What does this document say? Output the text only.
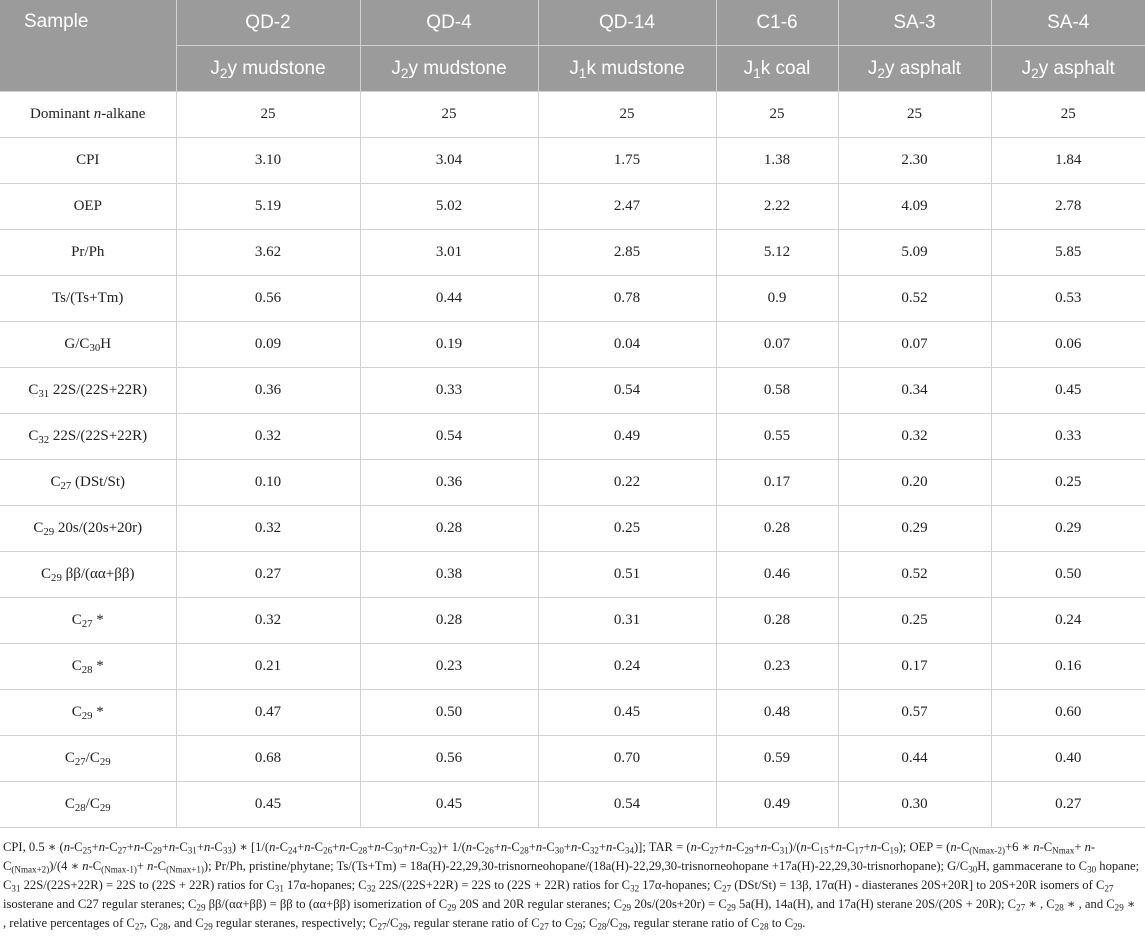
Sample	QD-2	QD-4	QD-14	C1-6	SA-3	SA-4
	$J_2y$ mudstone	$J_2y$ mudstone	$J_1k$ mudstone	$J_1k$ coal	$J_2y$ asphalt	$J_2y$ asphalt
Dominant n-alkane	25	25	25	25	25	25
CPI	3.10	3.04	1.75	1.38	2.30	1.84
OEP	5.19	5.02	2.47	2.22	4.09	2.78
Pr/Ph	3.62	3.01	2.85	5.12	5.09	5.85
Ts/(Ts+Tm)	0.56	0.44	0.78	0.9	0.52	0.53
$G/C_{30}H$	0.09	0.19	0.04	0.07	0.07	0.06
$C_{31}$ 22S/(22S+22R)	0.36	0.33	0.54	0.58	0.34	0.45
$C_{32}$ 22S/(22S+22R)	0.32	0.54	0.49	0.55	0.32	0.33
$C_{27}$ (DSt/St)	0.10	0.36	0.22	0.17	0.20	0.25
$C_{29}$ 20s/(20s+20r)	0.32	0.28	0.25	0.28	0.29	0.29
$C_{29}$ ββ/(αα+ββ)	0.27	0.38	0.51	0.46	0.52	0.50
$C_{27}$ *	0.32	0.28	0.31	0.28	0.25	0.24
$C_{28}$ *	0.21	0.23	0.24	0.23	0.17	0.16
$C_{29}$ *	0.47	0.50	0.45	0.48	0.57	0.60
$C_{27}/C_{29}$	0.68	0.56	0.70	0.59	0.44	0.40
$C_{28}/C_{29}$	0.45	0.45	0.54	0.49	0.30	0.27

CPI, 0.5 ∗ $(n-C_{25}+n-C_{27}+n-C_{29}+n-C_{31}+n-C_{33})$ ∗ $[1/(n-C_{24}+n-C_{26}+n-C_{28}+n-C_{30}+n-C_{32})+ 1/(n-C_{26}+n-C_{28}+n-C_{30}+n-C_{32}+n-C_{34})]$; TAR = $(n-C_{27}+n-C_{29}+n-C_{31})/(n-C_{15}+n-C_{17}+n-C_{19})$; OEP = ($n-C_{(Nmax-2)}+6$ ∗ $n-C_{Nmax}+ n-C_{(Nmax+2)})/(4$ ∗ $n-C_{(Nmax-1)}+ n-C_{(Nmax+1)}$); Pr/Ph, pristine/phytane; Ts/(Ts+Tm) = 18a(H)-22,29,30-trisnorneohopane/(18a(H)-22,29,30-trisnorneohopane +17a(H)-22,29,30-trisnorhopane); $G/C_{30}H$, gammacerane to $C_{30}$ hopane; $C_{31}$ 22S/(22S+22R) = 22S to (22S + 22R) ratios for $C_{31}$ 17α-hopanes; $C_{32}$ 22S/(22S+22R) = 22S to (22S + 22R) ratios for $C_{32}$ 17α-hopanes; $C_{27}$ (DSt/St) = 13β, 17α(H) - diasteranes 20S+20R] to 20S+20R isomers of $C_{27}$ isosterane and C27 regular steranes; $C_{29}$ ββ/(αα+ββ) = ββ to (αα+ββ) isomerization of $C_{29}$ 20S and 20R regular steranes; $C_{29}$ $20s/(20s+20r) = C_{29}$ 5a(H), 14a(H), and 17a(H) sterane 20S/(20S + 20R); $C_{27}$ ∗ , $C_{28}$ ∗ , and $C_{29}$ ∗ , relative percentages of $C_{27}$, $C_{28}$, and $C_{29}$ regular steranes, respectively; $C_{27}/C_{29}$, regular sterane ratio of $C_{27}$ to $C_{29}$; $C_{28}/C_{29}$, regular sterane ratio of $C_{28}$ to $C_{29}$.
